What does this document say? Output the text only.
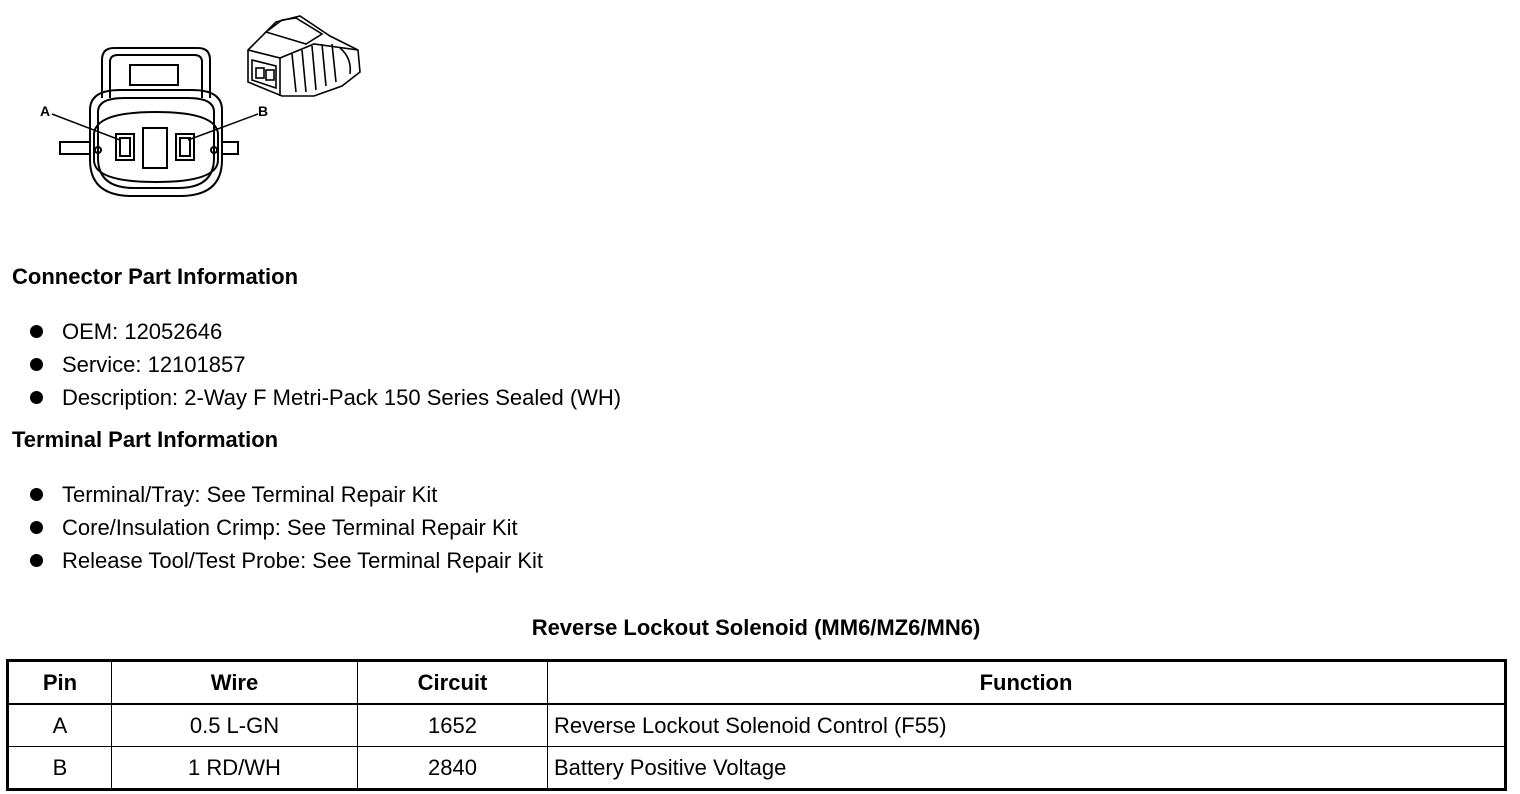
A	B
Connector Part Information
OEM: 12052646
Service: 12101857
Description: 2-Way F Metri-Pack 150 Series Sealed (WH)
Terminal Part Information
Terminal/Tray: See Terminal Repair Kit
Core/Insulation Crimp: See Terminal Repair Kit
Release Tool/Test Probe: See Terminal Repair Kit
Reverse Lockout Solenoid (MM6/MZ6/MN6)
Pin	Wire	Circuit	Function
A	0.5 L-GN	1652	Reverse Lockout Solenoid Control (F55)
B	1 RD/WH	2840	Battery Positive Voltage
